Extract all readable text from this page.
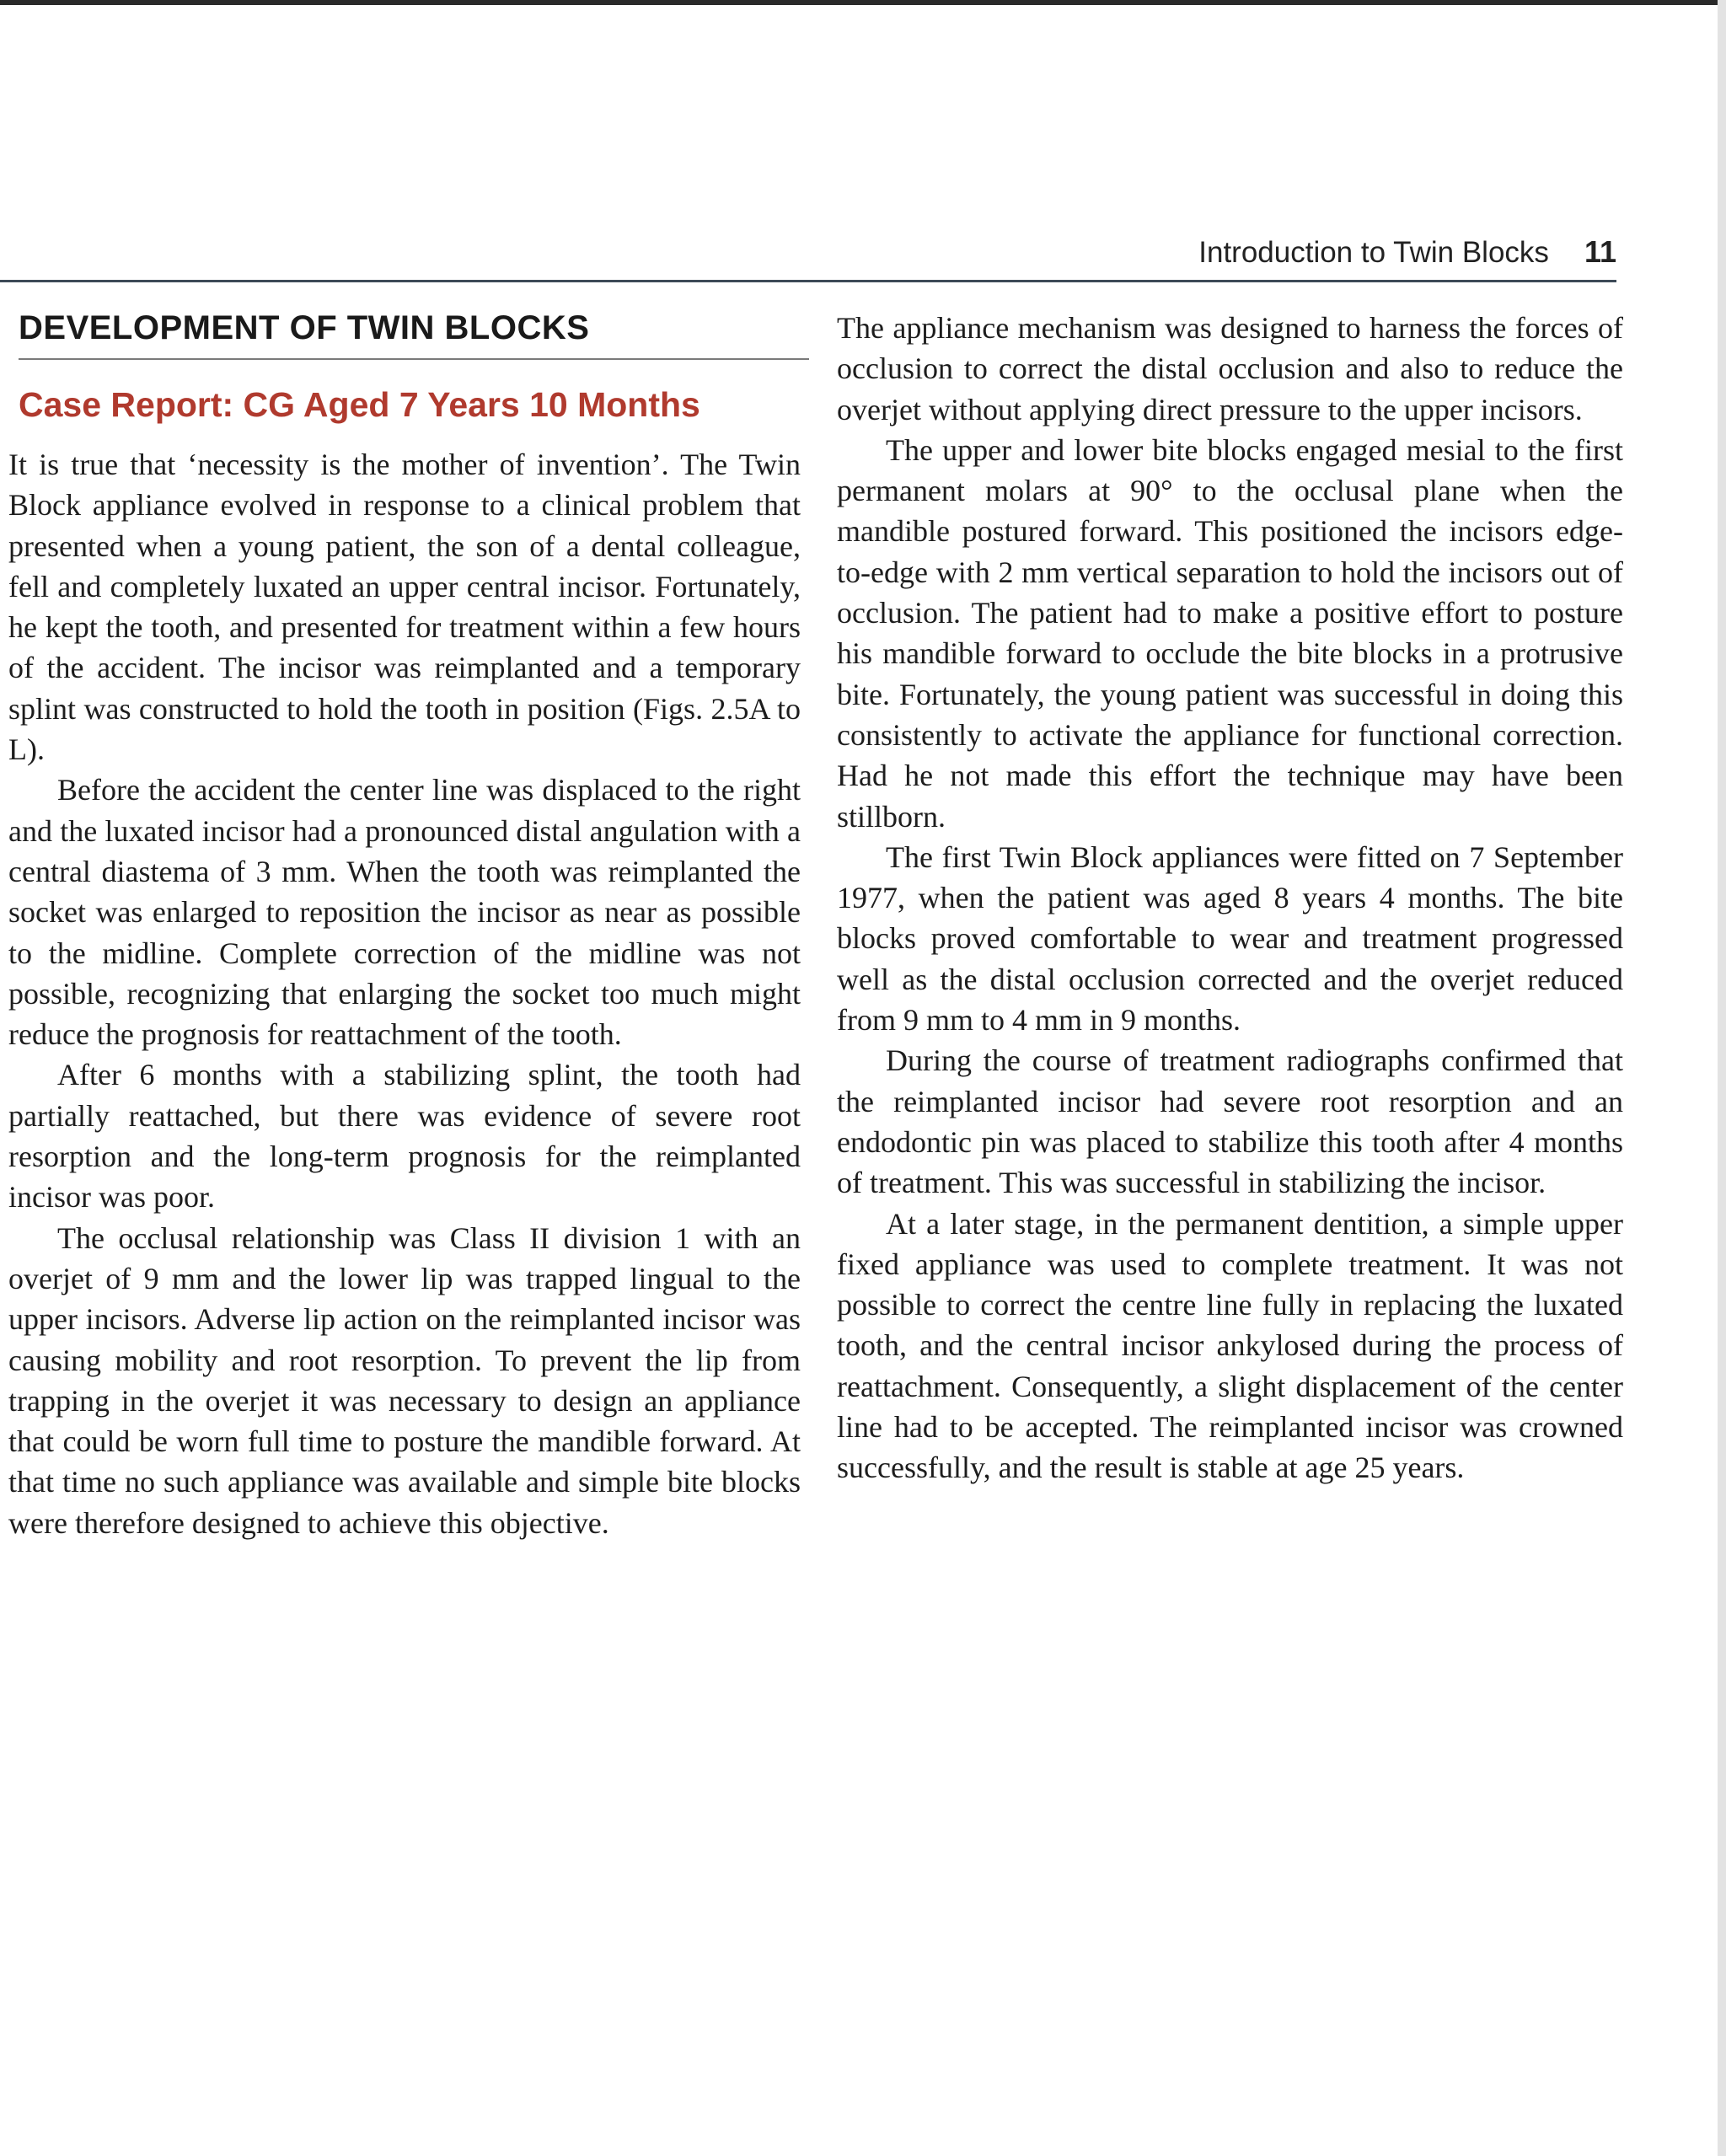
Introduction to Twin Blocks 11
DEVELOPMENT OF TWIN BLOCKS
Case Report: CG Aged 7 Years 10 Months

It is true that ‘necessity is the mother of invention’. The Twin Block appliance evolved in response to a clinical problem that presented when a young patient, the son of a dental colleague, fell and completely luxated an upper central incisor. Fortunately, he kept the tooth, and presented for treatment within a few hours of the accident. The incisor was reimplanted and a temporary splint was constructed to hold the tooth in position (Figs. 2.5A to L).

Before the accident the center line was displaced to the right and the luxated incisor had a pronounced distal angulation with a central diastema of 3 mm. When the tooth was reimplanted the socket was enlarged to reposition the incisor as near as possible to the midline. Complete correction of the midline was not possible, recognizing that enlarging the socket too much might reduce the prognosis for reattachment of the tooth.

After 6 months with a stabilizing splint, the tooth had partially reattached, but there was evidence of severe root resorption and the long-term prognosis for the reimplanted incisor was poor.

The occlusal relationship was Class II division 1 with an overjet of 9 mm and the lower lip was trapped lingual to the upper incisors. Adverse lip action on the reimplanted incisor was causing mobility and root resorption. To prevent the lip from trapping in the overjet it was necessary to design an appliance that could be worn full time to posture the mandible forward. At that time no such appliance was available and simple bite blocks were therefore designed to achieve this objective.

The appliance mechanism was designed to harness the forces of occlusion to correct the distal occlusion and also to reduce the overjet without applying direct pressure to the upper incisors.

The upper and lower bite blocks engaged mesial to the first permanent molars at 90° to the occlusal plane when the mandible postured forward. This positioned the incisors edge-to-edge with 2 mm vertical separation to hold the incisors out of occlusion. The patient had to make a positive effort to posture his mandible forward to occlude the bite blocks in a protrusive bite. Fortunately, the young patient was successful in doing this consistently to activate the appliance for functional correction. Had he not made this effort the technique may have been stillborn.

The first Twin Block appliances were fitted on 7 September 1977, when the patient was aged 8 years 4 months. The bite blocks proved comfortable to wear and treatment progressed well as the distal occlusion corrected and the overjet reduced from 9 mm to 4 mm in 9 months.

During the course of treatment radiographs confirmed that the reimplanted incisor had severe root resorption and an endodontic pin was placed to stabilize this tooth after 4 months of treatment. This was successful in stabilizing the incisor.

At a later stage, in the permanent dentition, a simple upper fixed appliance was used to complete treatment. It was not possible to correct the centre line fully in replacing the luxated tooth, and the central incisor ankylosed during the process of reattachment. Consequently, a slight displacement of the center line had to be accepted. The reimplanted incisor was crowned successfully, and the result is stable at age 25 years.
